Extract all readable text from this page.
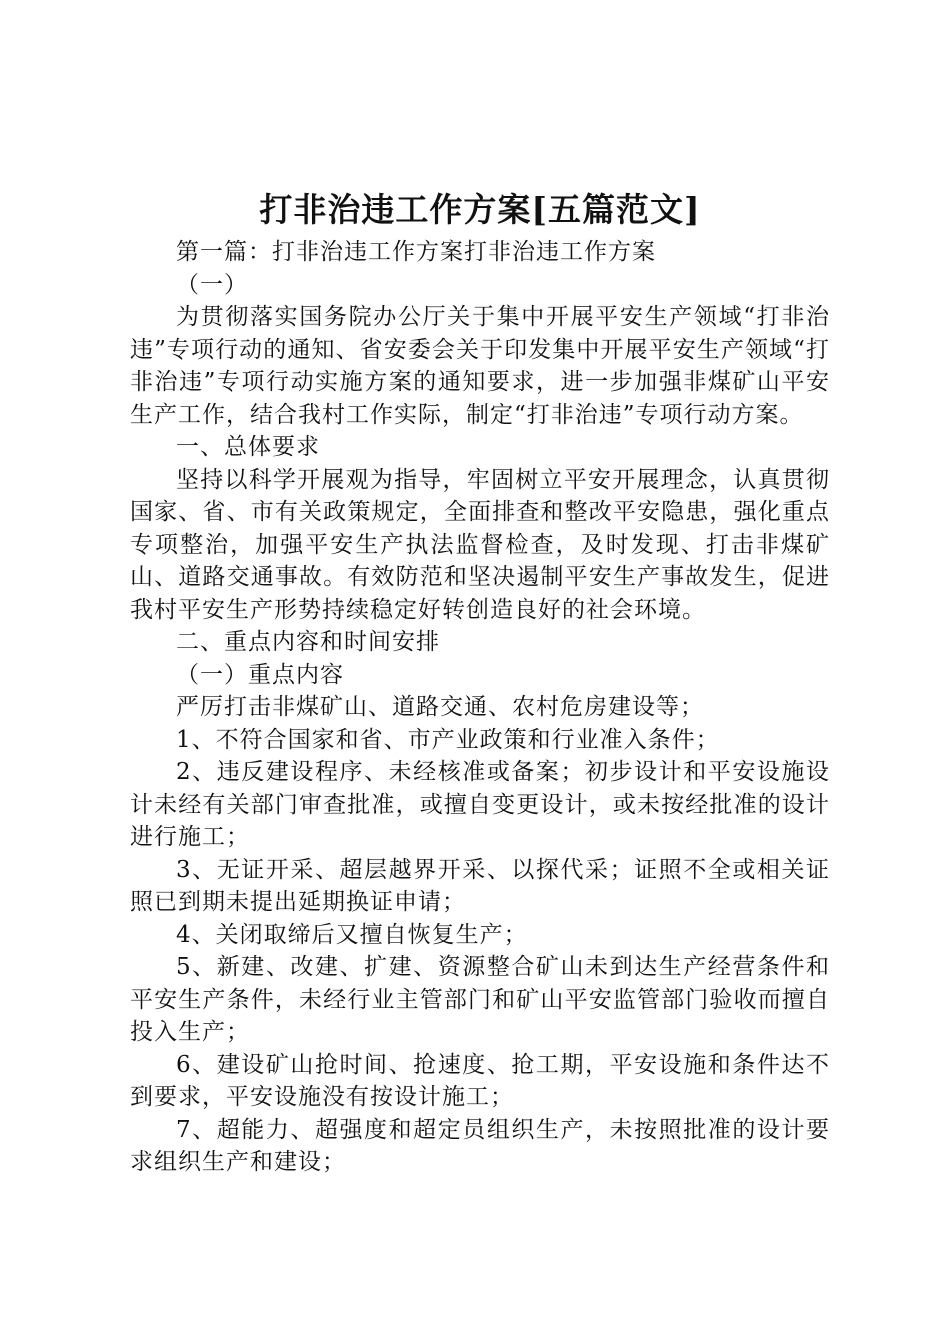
打非治违工作方案[五篇范文]

第一篇：打非治违工作方案打非治违工作方案

（一）

为贯彻落实国务院办公厅关于集中开展平安生产领域“打非治违”专项行动的通知、省安委会关于印发集中开展平安生产领域“打非治违”专项行动实施方案的通知要求，进一步加强非煤矿山平安生产工作，结合我村工作实际，制定“打非治违”专项行动方案。

一、总体要求

坚持以科学开展观为指导，牢固树立平安开展理念，认真贯彻国家、省、市有关政策规定，全面排查和整改平安隐患，强化重点专项整治，加强平安生产执法监督检查，及时发现、打击非煤矿山、道路交通事故。有效防范和坚决遏制平安生产事故发生，促进我村平安生产形势持续稳定好转创造良好的社会环境。

二、重点内容和时间安排

（一）重点内容

严厉打击非煤矿山、道路交通、农村危房建设等；

1、不符合国家和省、市产业政策和行业准入条件；

2、违反建设程序、未经核准或备案；初步设计和平安设施设计未经有关部门审查批准，或擅自变更设计，或未按经批准的设计进行施工；

3、无证开采、超层越界开采、以探代采；证照不全或相关证照已到期未提出延期换证申请；

4、关闭取缔后又擅自恢复生产；

5、新建、改建、扩建、资源整合矿山未到达生产经营条件和平安生产条件，未经行业主管部门和矿山平安监管部门验收而擅自投入生产；

6、建设矿山抢时间、抢速度、抢工期，平安设施和条件达不到要求，平安设施没有按设计施工；

7、超能力、超强度和超定员组织生产，未按照批准的设计要求组织生产和建设；
